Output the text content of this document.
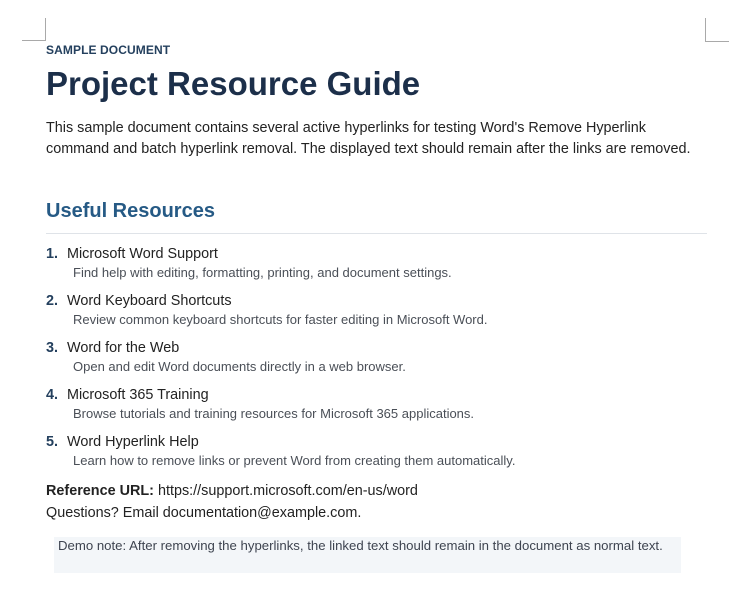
SAMPLE DOCUMENT
Project Resource Guide

This sample document contains several active hyperlinks for testing Word's Remove Hyperlink command and batch hyperlink removal. The displayed text should remain after the links are removed.

Useful Resources
1. Microsoft Word Support
Find help with editing, formatting, printing, and document settings.
2. Word Keyboard Shortcuts
Review common keyboard shortcuts for faster editing in Microsoft Word.
3. Word for the Web
Open and edit Word documents directly in a web browser.
4. Microsoft 365 Training
Browse tutorials and training resources for Microsoft 365 applications.
5. Word Hyperlink Help
Learn how to remove links or prevent Word from creating them automatically.
Reference URL: https://support.microsoft.com/en-us/word
Questions? Email documentation@example.com.
Demo note: After removing the hyperlinks, the linked text should remain in the document as normal text.
